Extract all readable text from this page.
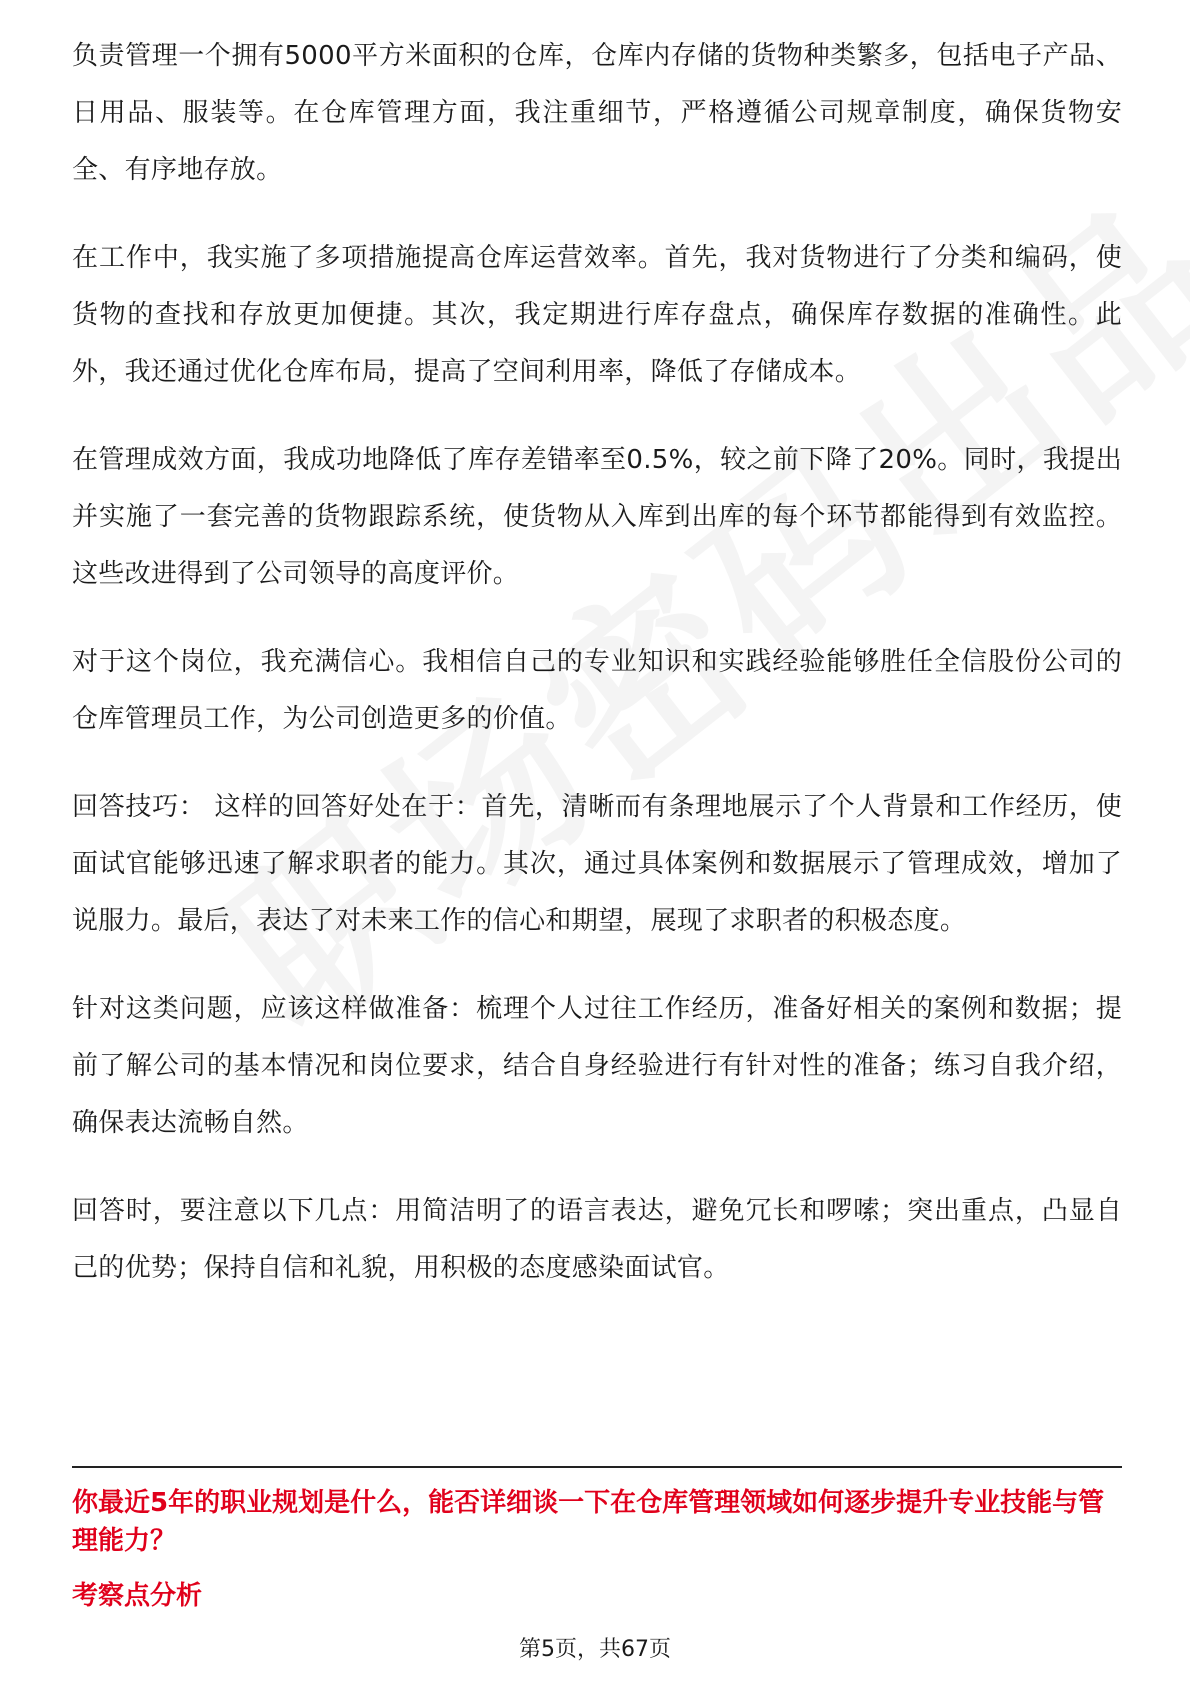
负责管理一个拥有5000平方米面积的仓库，仓库内存储的货物种类繁多，包括电子产品、日用品、服装等。在仓库管理方面，我注重细节，严格遵循公司规章制度，确保货物安全、有序地存放。

在工作中，我实施了多项措施提高仓库运营效率。首先，我对货物进行了分类和编码，使货物的查找和存放更加便捷。其次，我定期进行库存盘点，确保库存数据的准确性。此外，我还通过优化仓库布局，提高了空间利用率，降低了存储成本。

在管理成效方面，我成功地降低了库存差错率至0.5%，较之前下降了20%。同时，我提出并实施了一套完善的货物跟踪系统，使货物从入库到出库的每个环节都能得到有效监控。这些改进得到了公司领导的高度评价。

对于这个岗位，我充满信心。我相信自己的专业知识和实践经验能够胜任全信股份公司的仓库管理员工作，为公司创造更多的价值。

回答技巧： 这样的回答好处在于：首先，清晰而有条理地展示了个人背景和工作经历，使面试官能够迅速了解求职者的能力。其次，通过具体案例和数据展示了管理成效，增加了说服力。最后，表达了对未来工作的信心和期望，展现了求职者的积极态度。

针对这类问题，应该这样做准备：梳理个人过往工作经历，准备好相关的案例和数据；提前了解公司的基本情况和岗位要求，结合自身经验进行有针对性的准备；练习自我介绍，确保表达流畅自然。

回答时，要注意以下几点：用简洁明了的语言表达，避免冗长和啰嗦；突出重点，凸显自己的优势；保持自信和礼貌，用积极的态度感染面试官。

你最近5年的职业规划是什么，能否详细谈一下在仓库管理领域如何逐步提升专业技能与管理能力？

考察点分析

第5页，共67页
